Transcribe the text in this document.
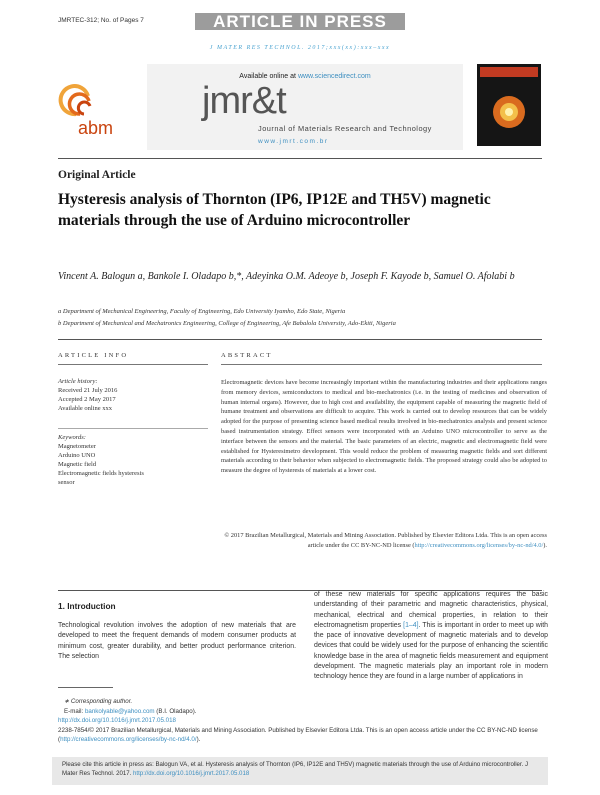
JMRTEC-312; No. of Pages 7	ARTICLE IN PRESS
J MATER RES TECHNOL. 2017;xxx(xx):xxx–xxx
Available online at www.sciencedirect.com
jmr&t
Journal of Materials Research and Technology
www.jmrt.com.br
abm
Original Article
Hysteresis analysis of Thornton (IP6, IP12E and TH5V) magnetic materials through the use of Arduino microcontroller
Vincent A. Balogun a, Bankole I. Oladapo b,*, Adeyinka O.M. Adeoye b, Joseph F. Kayode b, Samuel O. Afolabi b
a Department of Mechanical Engineering, Faculty of Engineering, Edo University Iyamho, Edo State, Nigeria
b Department of Mechanical and Mechatronics Engineering, College of Engineering, Afe Babalola University, Ado-Ekiti, Nigeria
ARTICLE INFO
Article history:
Received 21 July 2016
Accepted 2 May 2017
Available online xxx
Keywords:
Magnetometer
Arduino UNO
Magnetic field
Electromagnetic fields hysteresis
sensor
ABSTRACT
Electromagnetic devices have become increasingly important within the manufacturing industries and their applications ranges from memory devices, semiconductors to medical and bio-mechatronics (i.e. in the testing of medicines and observation of human internal organs). However, due to high cost and availability, the equipment capable of measuring the magnetic field of humane treatment and observations are difficult to acquire. This work is carried out to develop resources that can be widely adopted for the purpose of presenting science based medical results involved in bio-mechatronics analysis and present science based instrumentation strategy. Effect sensors were incorporated with an Arduino UNO microcontroller to serve as the interface between the sensors and the material. The basic parameters of an electric, magnetic and electromagnetic field were established for Hysteresimetro development. This would reduce the problem of measuring magnetic fields and sort different materials according to their behavior when subjected to electromagnetic fields. The proposed strategy could also be adopted to measure the degree of hysteresis of materials at a lower cost.
© 2017 Brazilian Metallurgical, Materials and Mining Association. Published by Elsevier Editora Ltda. This is an open access article under the CC BY-NC-ND license (http://creativecommons.org/licenses/by-nc-nd/4.0/).
1. Introduction
Technological revolution involves the adoption of new materials that are developed to meet the frequent demands of modern consumer products at minimum cost, greater durability, and better product performance criterion. The selection
of these new materials for specific applications requires the basic understanding of their parametric and magnetic characteristics, physical, mechanical, electrical and chemical properties, in relation to their electromagnetism properties [1–4]. This is important in order to meet up with the pace of innovative development of magnetic materials and to develop devices that could be widely used for the purpose of enhancing the scientific knowledge base in the area of magnetic fields measurement and equipment development. The magnetic materials play an important role in modern technology hence they are found in a large number of applications in
∗ Corresponding author.
E-mail: bankolyable@yahoo.com (B.I. Oladapo).
http://dx.doi.org/10.1016/j.jmrt.2017.05.018
2238-7854/© 2017 Brazilian Metallurgical, Materials and Mining Association. Published by Elsevier Editora Ltda. This is an open access article under the CC BY-NC-ND license (http://creativecommons.org/licenses/by-nc-nd/4.0/).
Please cite this article in press as: Balogun VA, et al. Hysteresis analysis of Thornton (IP6, IP12E and TH5V) magnetic materials through the use of Arduino microcontroller. J Mater Res Technol. 2017. http://dx.doi.org/10.1016/j.jmrt.2017.05.018
